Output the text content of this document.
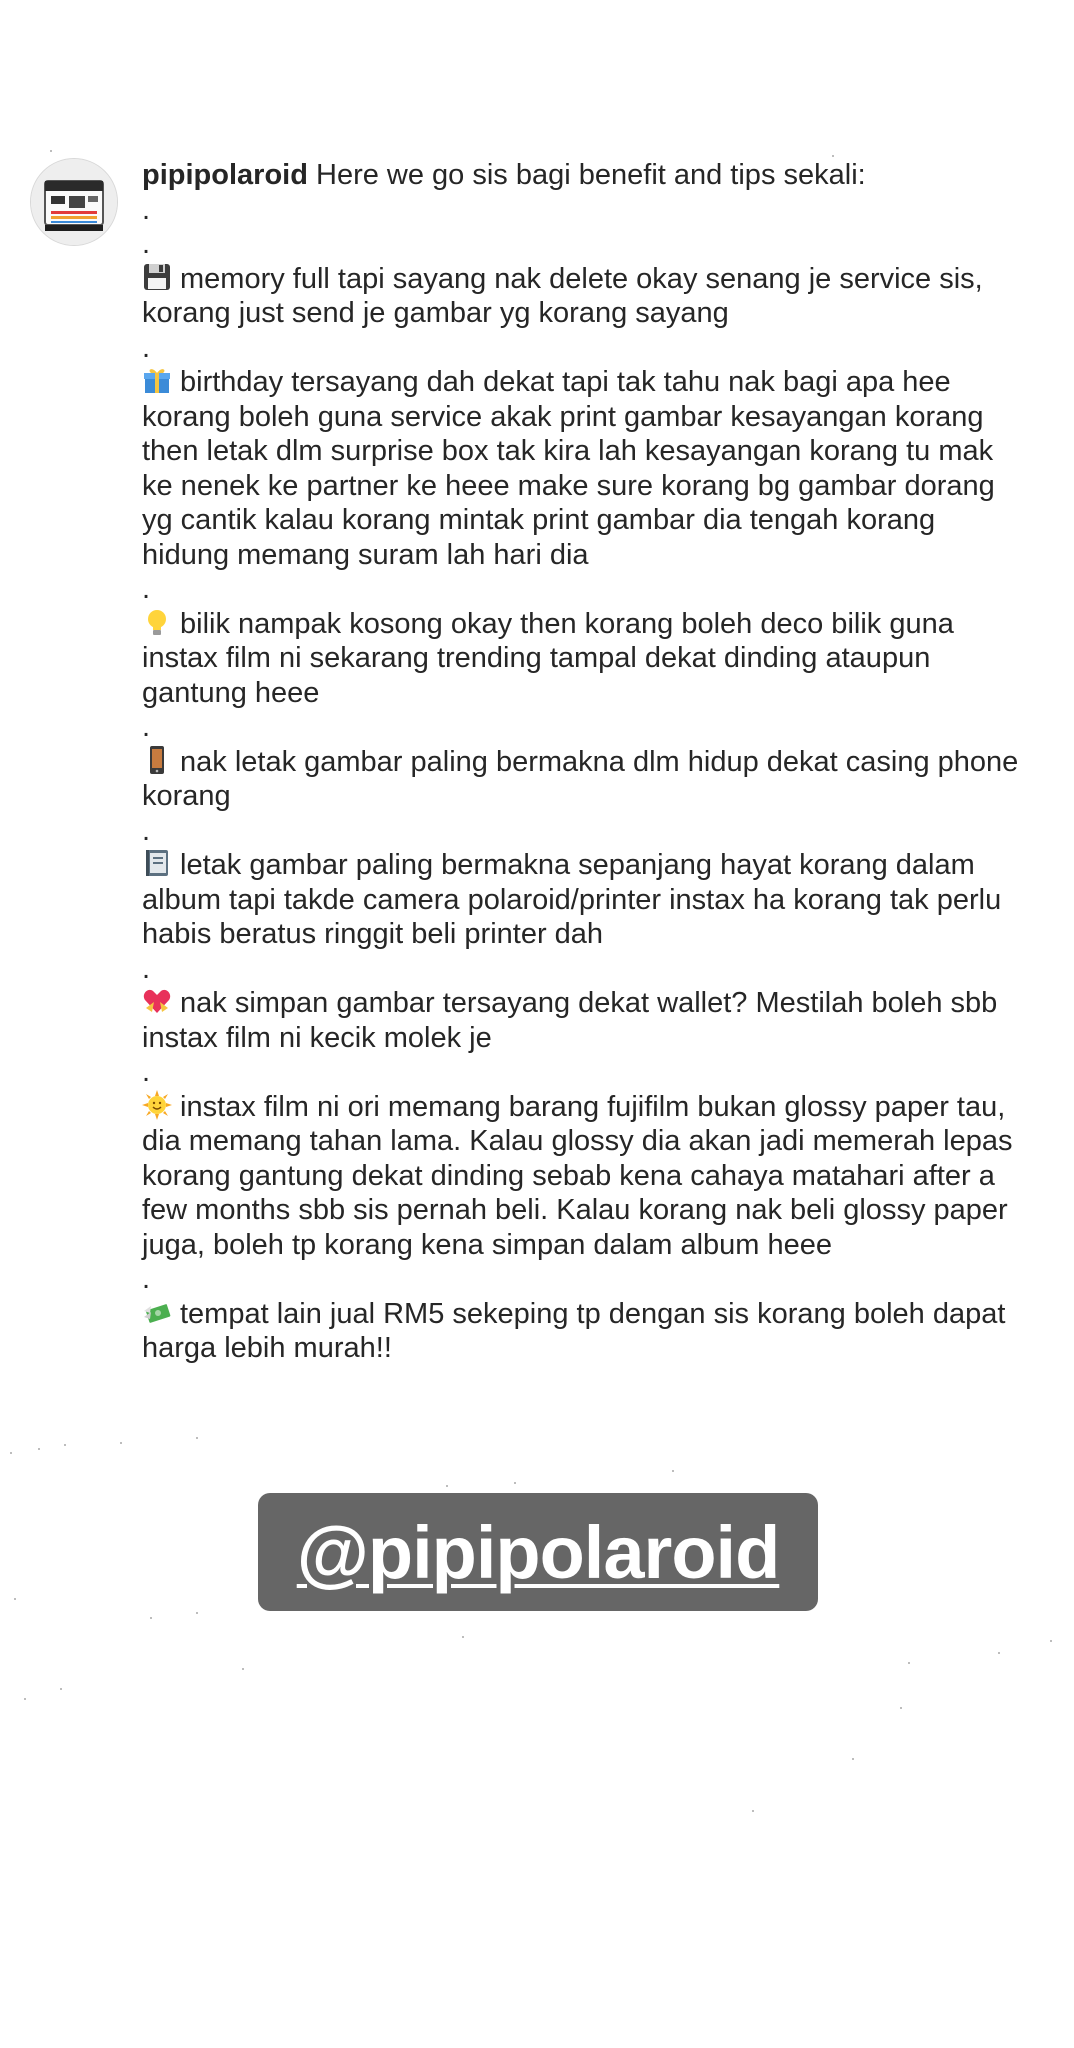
pipipolaroid Here we go sis bagi benefit and tips sekali:

.
.

memory full tapi sayang nak delete okay senang je service sis, korang just send je gambar yg korang sayang

.

birthday tersayang dah dekat tapi tak tahu nak bagi apa hee korang boleh guna service akak print gambar kesayangan korang then letak dlm surprise box tak kira lah kesayangan korang tu mak ke nenek ke partner ke heee make sure korang bg gambar dorang yg cantik kalau korang mintak print gambar dia tengah korang hidung memang suram lah hari dia

.

bilik nampak kosong okay then korang boleh deco bilik guna instax film ni sekarang trending tampal dekat dinding ataupun gantung heee

.

nak letak gambar paling bermakna dlm hidup dekat casing phone korang

.

letak gambar paling bermakna sepanjang hayat korang dalam album tapi takde camera polaroid/printer instax ha korang tak perlu habis beratus ringgit beli printer dah

.

nak simpan gambar tersayang dekat wallet? Mestilah boleh sbb instax film ni kecik molek je

.

instax film ni ori memang barang fujifilm bukan glossy paper tau, dia memang tahan lama. Kalau glossy dia akan jadi memerah lepas korang gantung dekat dinding sebab kena cahaya matahari after a few months sbb sis pernah beli. Kalau korang nak beli glossy paper juga, boleh tp korang kena simpan dalam album heee

.

tempat lain jual RM5 sekeping tp dengan sis korang boleh dapat harga lebih murah!!

@pipipolaroid
